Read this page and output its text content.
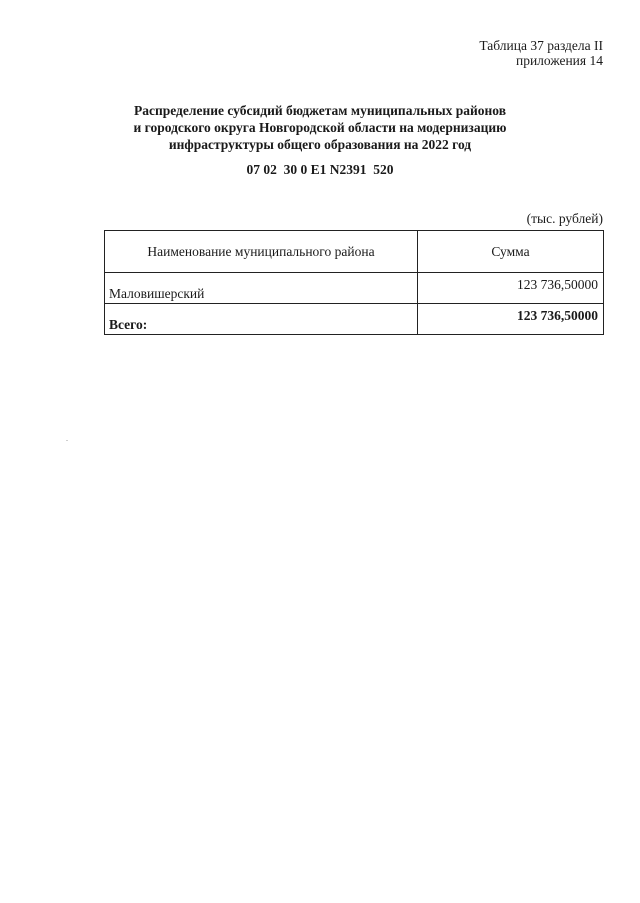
Таблица 37 раздела II
приложения 14
Распределение субсидий бюджетам муниципальных районов
и городского округа Новгородской области на модернизацию
инфраструктуры общего образования на 2022 год
07 02  30 0 E1 N2391  520
(тыс. рублей)
Наименование муниципального района	Сумма
Маловишерский	123 736,50000
Всего:	123 736,50000
